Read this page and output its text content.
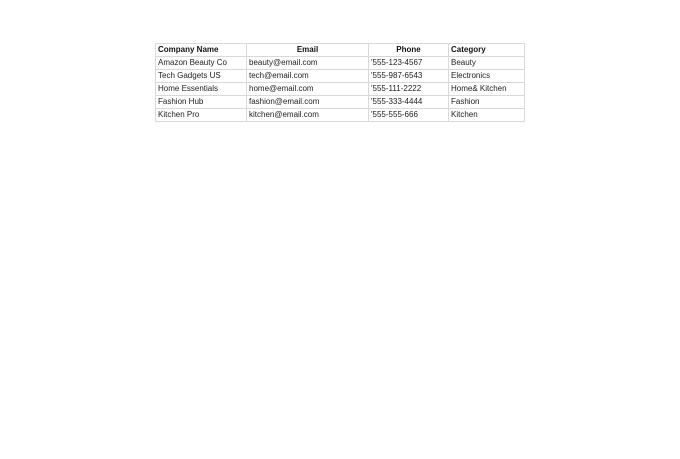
Company Name	Email	Phone	Category
Amazon Beauty Co	beauty@email.com	'555-123-4567	Beauty
Tech Gadgets US	tech@email.com	'555-987-6543	Electronics
Home Essentials	home@email.com	'555-111-2222	Home& Kitchen
Fashion Hub	fashion@email.com	'555-333-4444	Fashion
Kitchen Pro	kitchen@email.com	'555-555-666	Kitchen
